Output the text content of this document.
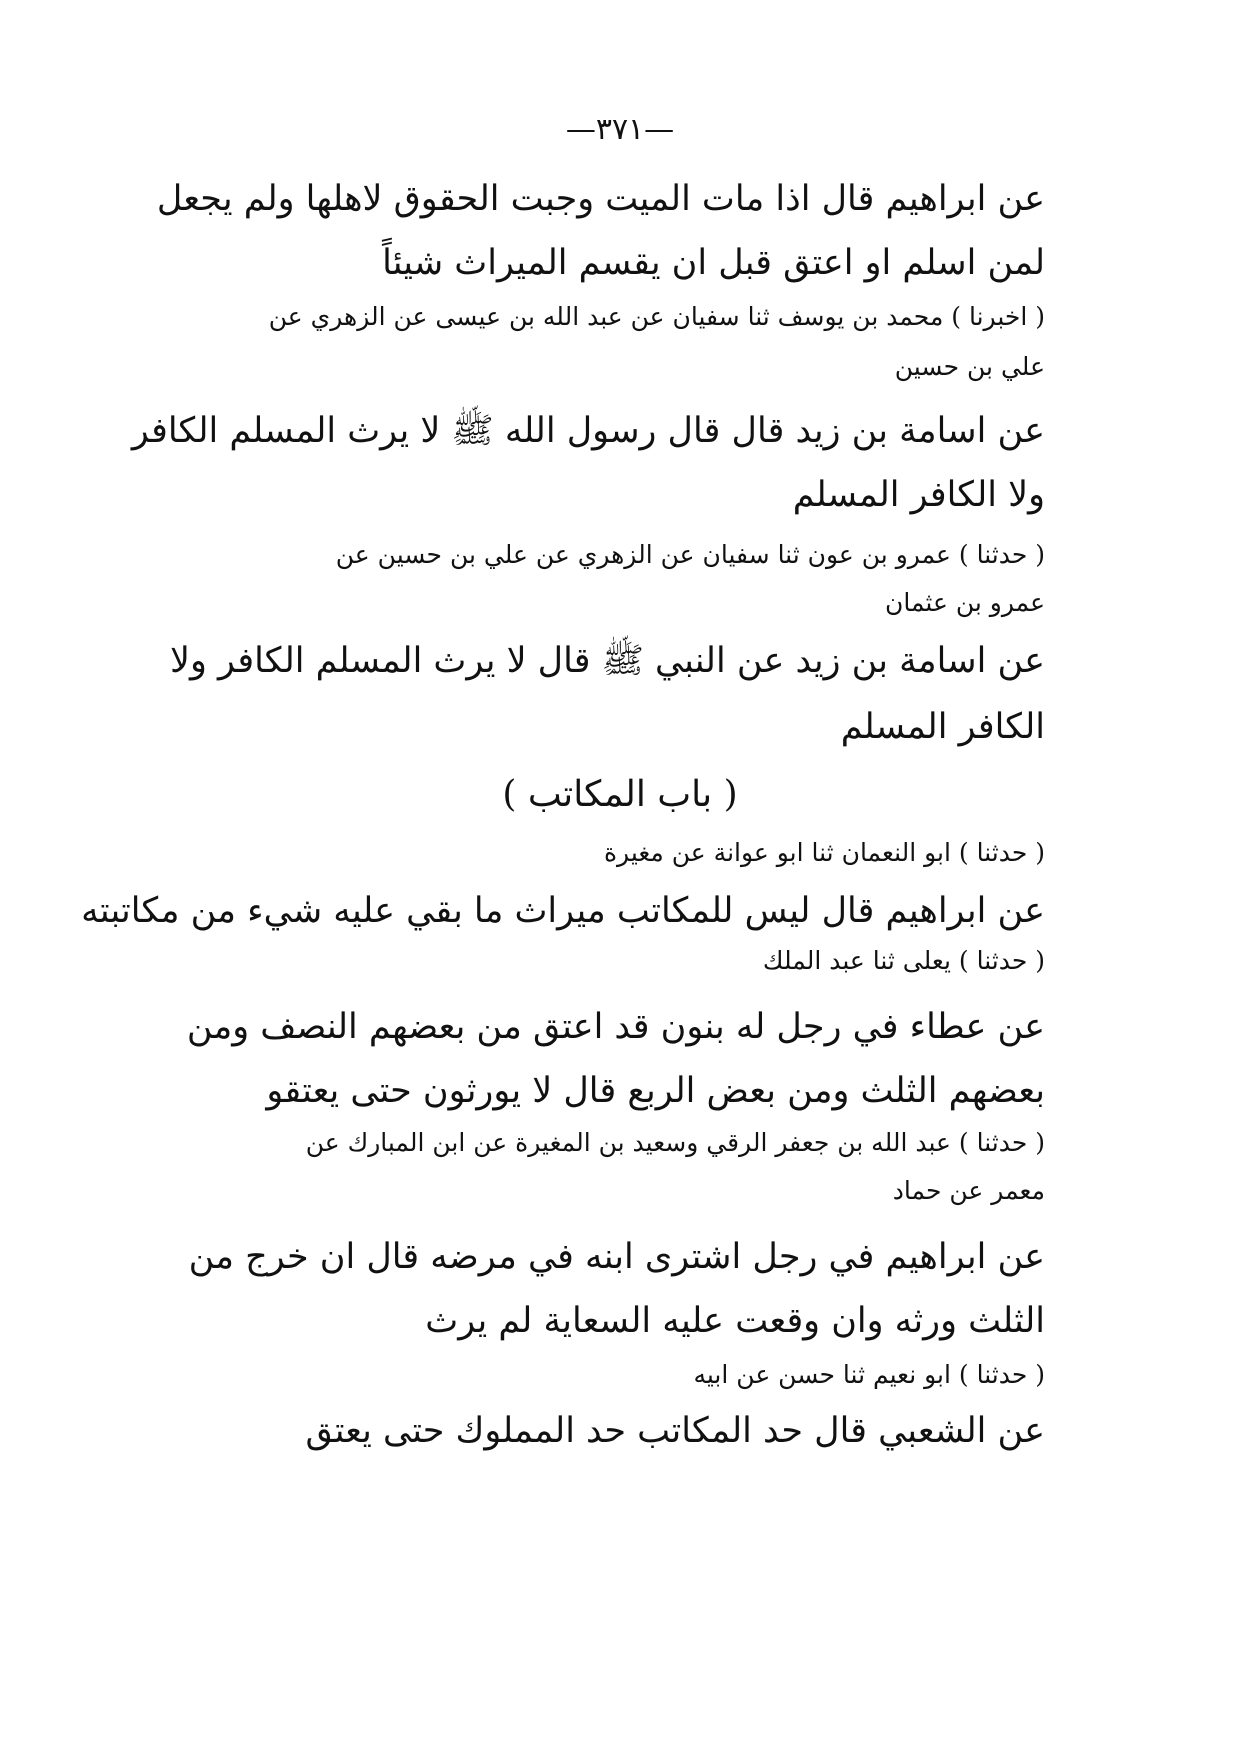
—٣٧١—
عن ابراهيم قال اذا مات الميت وجبت الحقوق لاهلها ولم يجعل
لمن اسلم او اعتق قبل ان يقسم الميراث شيئاً
( اخبرنا ) محمد بن يوسف ثنا سفيان عن عبد الله بن عيسى عن الزهري عن
علي بن حسين
عن اسامة بن زيد قال قال رسول الله ﷺ لا يرث المسلم الكافر
ولا الكافر المسلم
( حدثنا ) عمرو بن عون ثنا سفيان عن الزهري عن علي بن حسين عن
عمرو بن عثمان
عن اسامة بن زيد عن النبي ﷺ قال لا يرث المسلم الكافر ولا
الكافر المسلم
( باب المكاتب )
( حدثنا ) ابو النعمان ثنا ابو عوانة عن مغيرة
عن ابراهيم قال ليس للمكاتب ميراث ما بقي عليه شيء من مكاتبته
( حدثنا ) يعلى ثنا عبد الملك
عن عطاء في رجل له بنون قد اعتق من بعضهم النصف ومن
بعضهم الثلث ومن بعض الربع قال لا يورثون حتى يعتقو
( حدثنا ) عبد الله بن جعفر الرقي وسعيد بن المغيرة عن ابن المبارك عن
معمر عن حماد
عن ابراهيم في رجل اشترى ابنه في مرضه قال ان خرج من
الثلث ورثه وان وقعت عليه السعاية لم يرث
( حدثنا ) ابو نعيم ثنا حسن عن ابيه
عن الشعبي قال حد المكاتب حد المملوك حتى يعتق
